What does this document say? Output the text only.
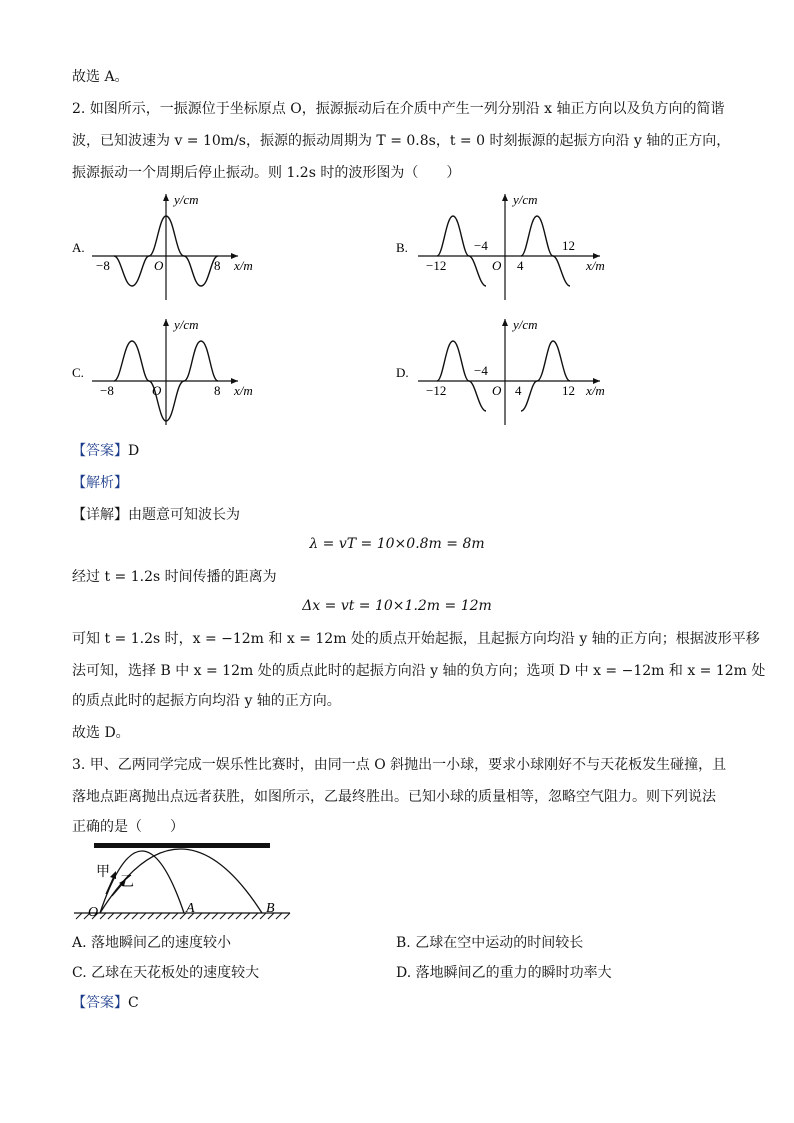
故选 A。
2. 如图所示，一振源位于坐标原点 O，振源振动后在介质中产生一列分别沿 x 轴正方向以及负方向的简谐
波，已知波速为 v = 10m/s，振源的振动周期为 T = 0.8s，t = 0 时刻振源的起振方向沿 y 轴的正方向，
振源振动一个周期后停止振动。则 1.2s 时的波形图为（　　）
A.
y/cm
x/m
O
−8	8
B.
y/cm
x/m
O
−12
−4
4
12
C.
y/cm
x/m
O
−8	8
D.
y/cm
x/m
O
−12
−4
4	12
【答案】D
【解析】
【详解】由题意可知波长为
λ = vT = 10×0.8m = 8m
经过 t = 1.2s 时间传播的距离为
Δx = vt = 10×1.2m = 12m
可知 t = 1.2s 时，x = −12m 和 x = 12m 处的质点开始起振，且起振方向均沿 y 轴的正方向；根据波形平移
法可知，选择 B 中 x = 12m 处的质点此时的起振方向沿 y 轴的负方向；选项 D 中 x = −12m 和 x = 12m 处
的质点此时的起振方向均沿 y 轴的正方向。
故选 D。
3. 甲、乙两同学完成一娱乐性比赛时，由同一点 O 斜抛出一小球，要求小球刚好不与天花板发生碰撞，且
落地点距离抛出点远者获胜，如图所示，乙最终胜出。已知小球的质量相等，忽略空气阻力。则下列说法
正确的是（　　）
甲
乙
O	A	B
A. 落地瞬间乙的速度较小	B. 乙球在空中运动的时间较长
C. 乙球在天花板处的速度较大	D. 落地瞬间乙的重力的瞬时功率大
【答案】C
